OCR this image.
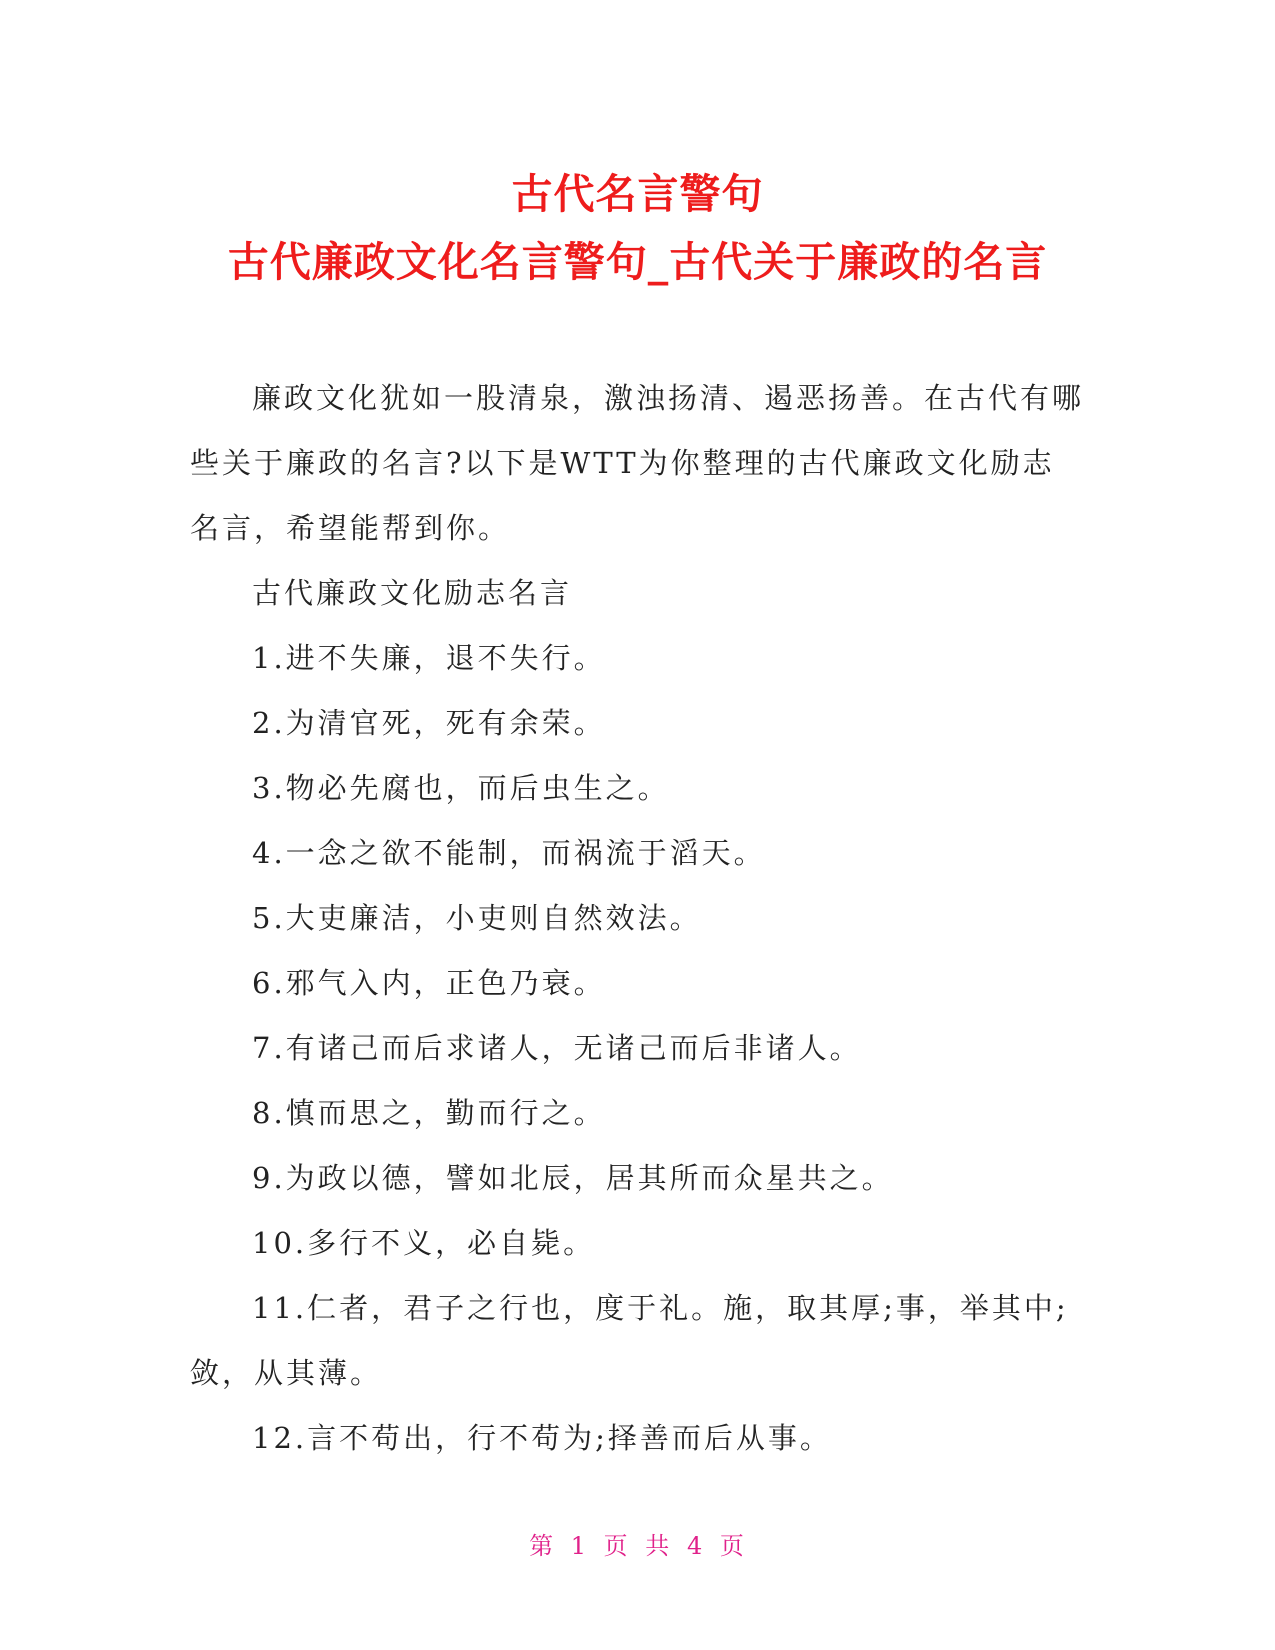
古代名言警句
古代廉政文化名言警句_古代关于廉政的名言

廉政文化犹如一股清泉，激浊扬清、遏恶扬善。在古代有哪些关于廉政的名言?以下是WTT为你整理的古代廉政文化励志名言，希望能帮到你。

古代廉政文化励志名言

1.进不失廉，退不失行。

2.为清官死，死有余荣。

3.物必先腐也，而后虫生之。

4.一念之欲不能制，而祸流于滔天。

5.大吏廉洁，小吏则自然效法。

6.邪气入内，正色乃衰。

7.有诸己而后求诸人，无诸己而后非诸人。

8.慎而思之，勤而行之。

9.为政以德，譬如北辰，居其所而众星共之。

10.多行不义，必自毙。

11.仁者，君子之行也，度于礼。施，取其厚;事，举其中;敛，从其薄。

12.言不苟出，行不苟为;择善而后从事。

第 1 页 共 4 页
